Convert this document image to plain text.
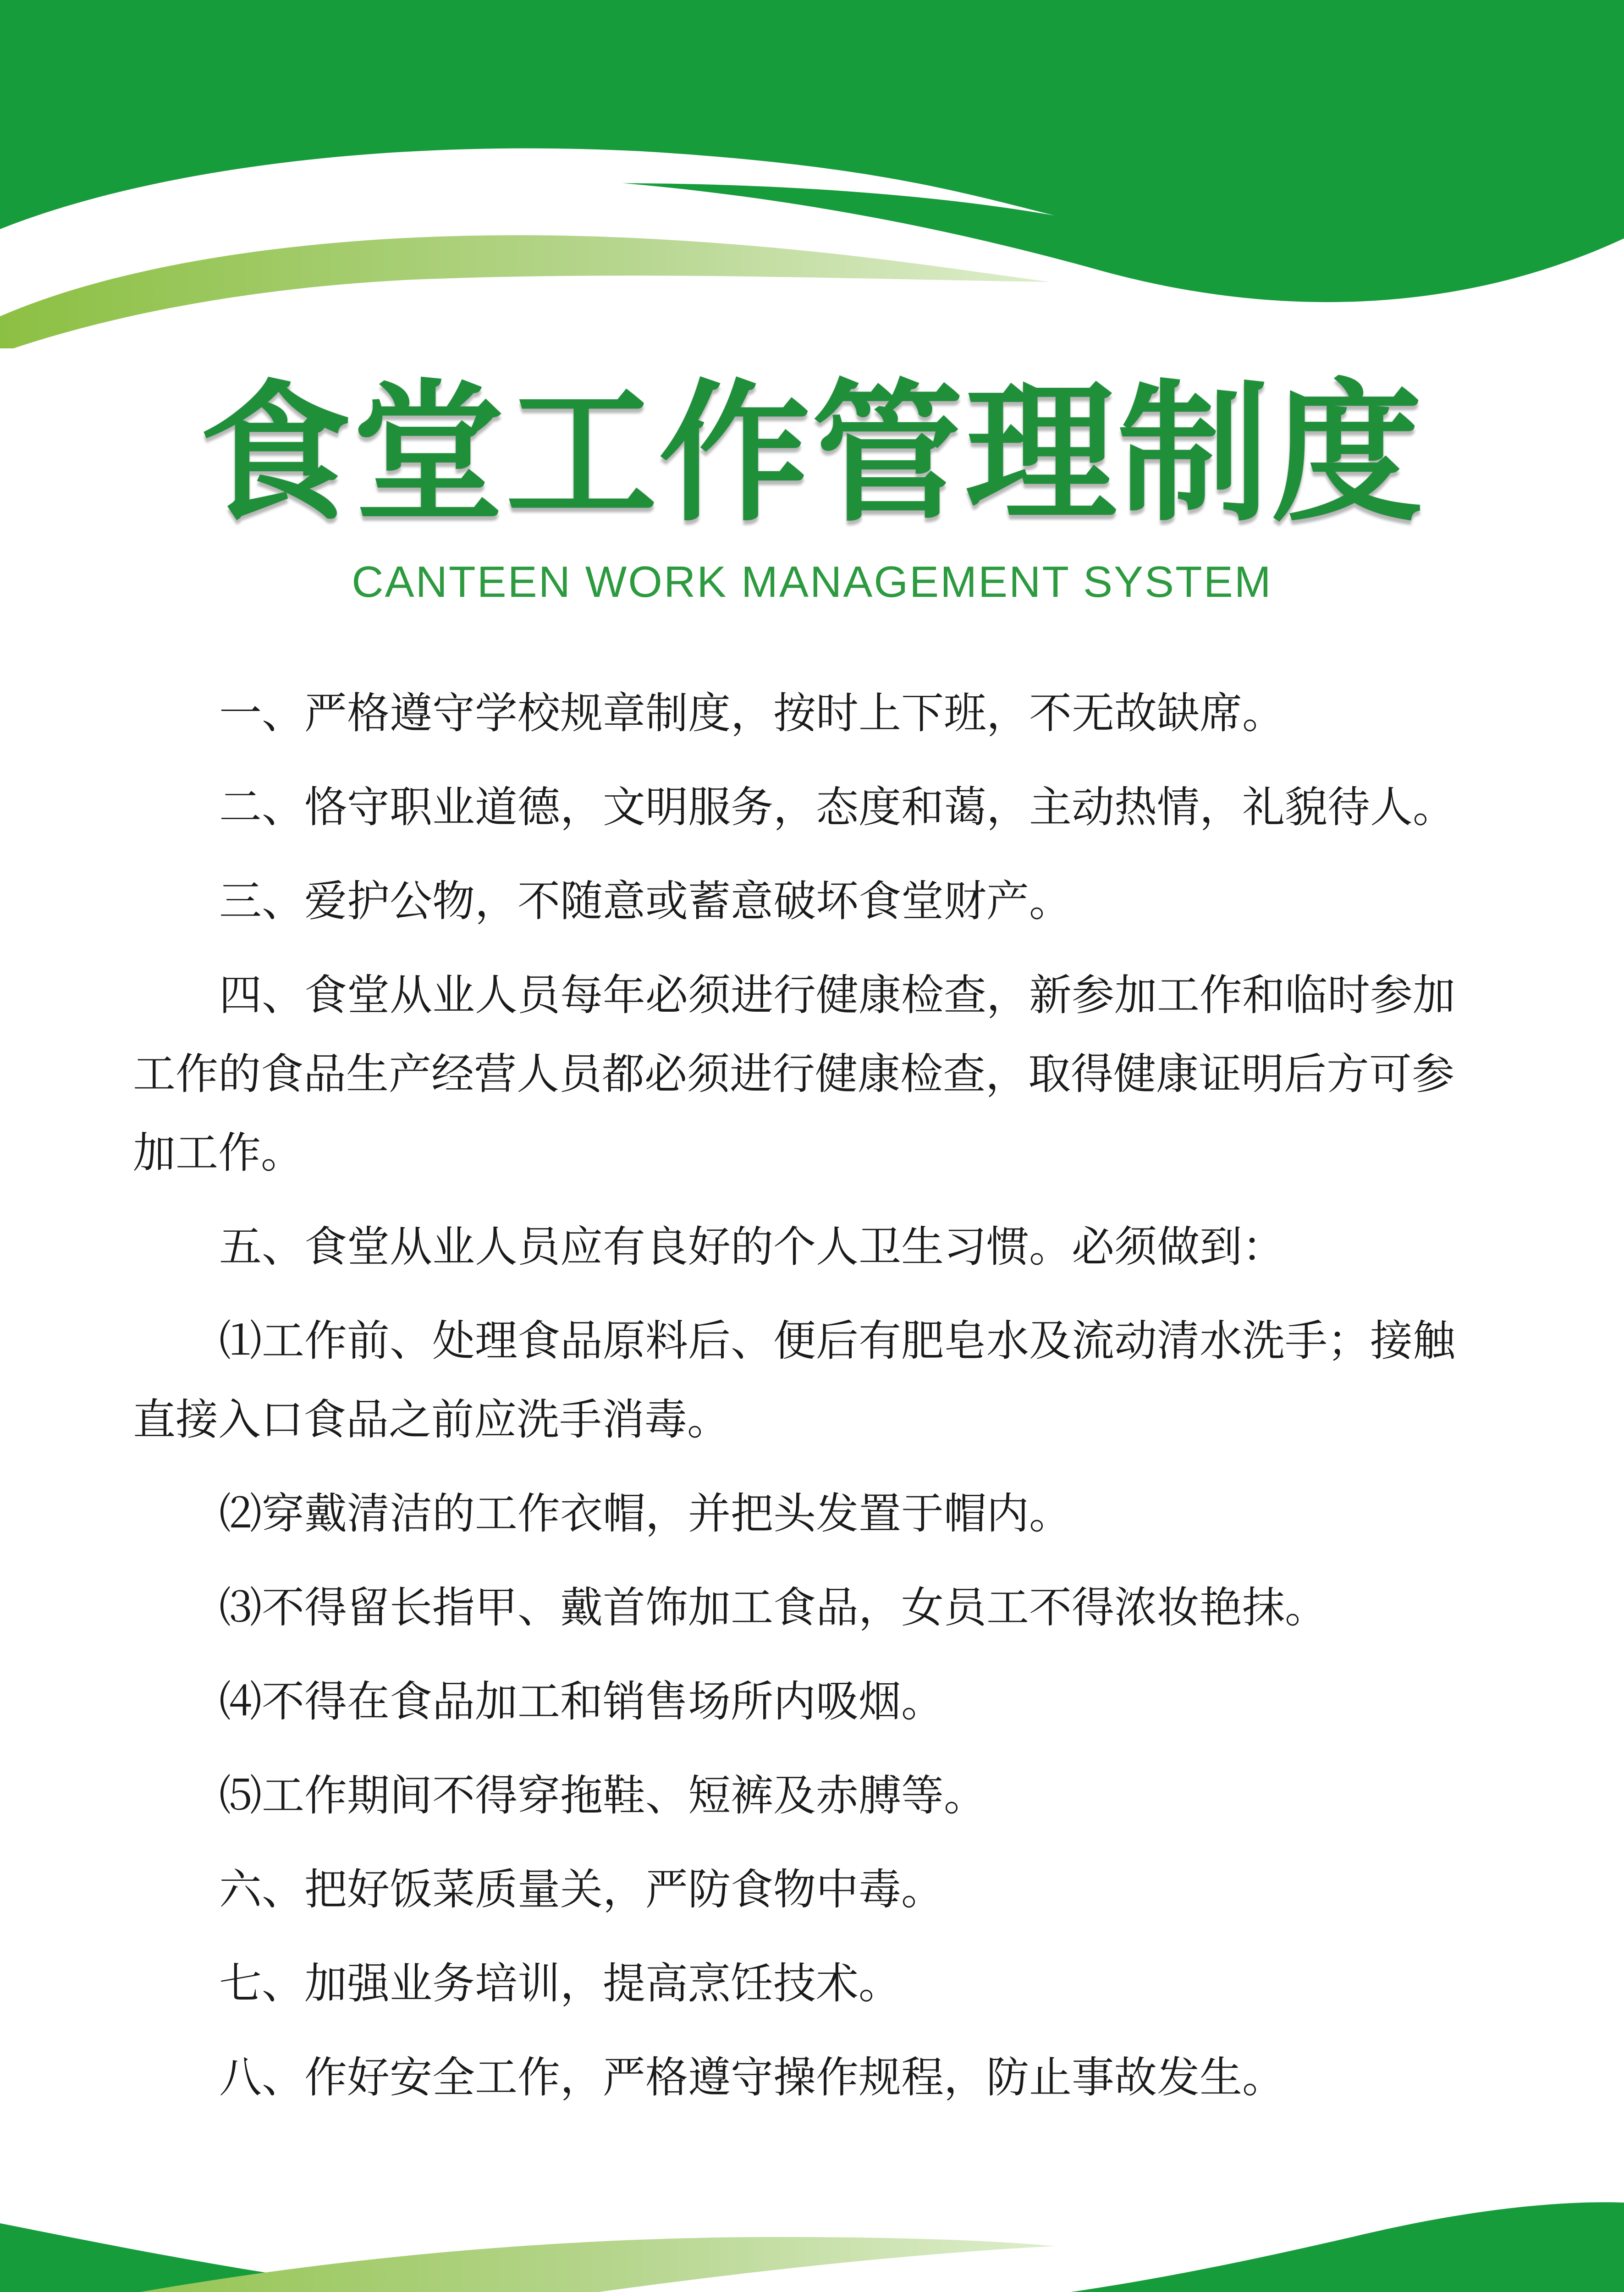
食堂工作管理制度
CANTEEN WORK MANAGEMENT SYSTEM

一、严格遵守学校规章制度，按时上下班，不无故缺席。

二、恪守职业道德，文明服务，态度和蔼，主动热情，礼貌待人。

三、爱护公物，不随意或蓄意破坏食堂财产。

四、食堂从业人员每年必须进行健康检查，新参加工作和临时参加工作的食品生产经营人员都必须进行健康检查，取得健康证明后方可参加工作。

五、食堂从业人员应有良好的个人卫生习惯。必须做到：

⑴工作前、处理食品原料后、便后有肥皂水及流动清水洗手；接触直接入口食品之前应洗手消毒。

⑵穿戴清洁的工作衣帽，并把头发置于帽内。

⑶不得留长指甲、戴首饰加工食品，女员工不得浓妆艳抹。

⑷不得在食品加工和销售场所内吸烟。

⑸工作期间不得穿拖鞋、短裤及赤膊等。

六、把好饭菜质量关，严防食物中毒。

七、加强业务培训，提高烹饪技术。

八、作好安全工作，严格遵守操作规程，防止事故发生。
